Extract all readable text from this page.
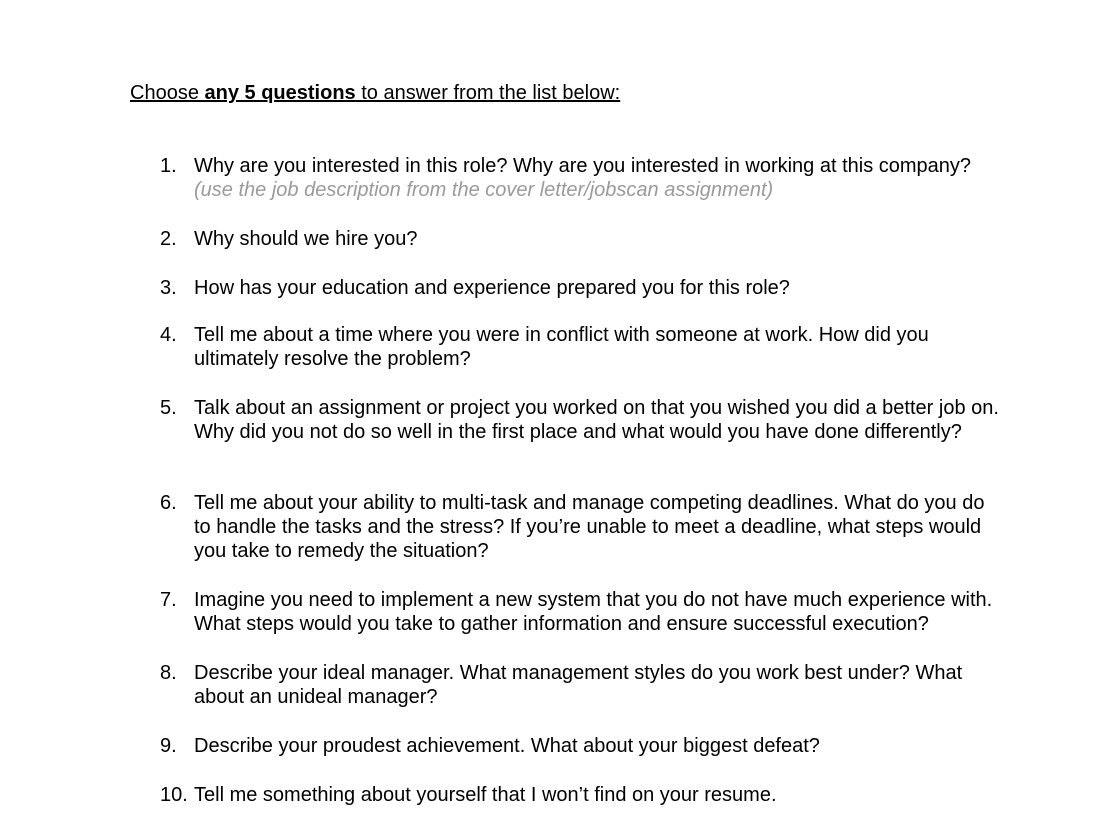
Choose any 5 questions to answer from the list below:
1. Why are you interested in this role? Why are you interested in working at this company?
(use the job description from the cover letter/jobscan assignment)
2. Why should we hire you?
3. How has your education and experience prepared you for this role?
4. Tell me about a time where you were in conflict with someone at work. How did you ultimately resolve the problem?
5. Talk about an assignment or project you worked on that you wished you did a better job on. Why did you not do so well in the first place and what would you have done differently?
6. Tell me about your ability to multi-task and manage competing deadlines. What do you do to handle the tasks and the stress? If you’re unable to meet a deadline, what steps would you take to remedy the situation?
7. Imagine you need to implement a new system that you do not have much experience with. What steps would you take to gather information and ensure successful execution?
8. Describe your ideal manager. What management styles do you work best under? What about an unideal manager?
9. Describe your proudest achievement. What about your biggest defeat?
10. Tell me something about yourself that I won’t find on your resume.
